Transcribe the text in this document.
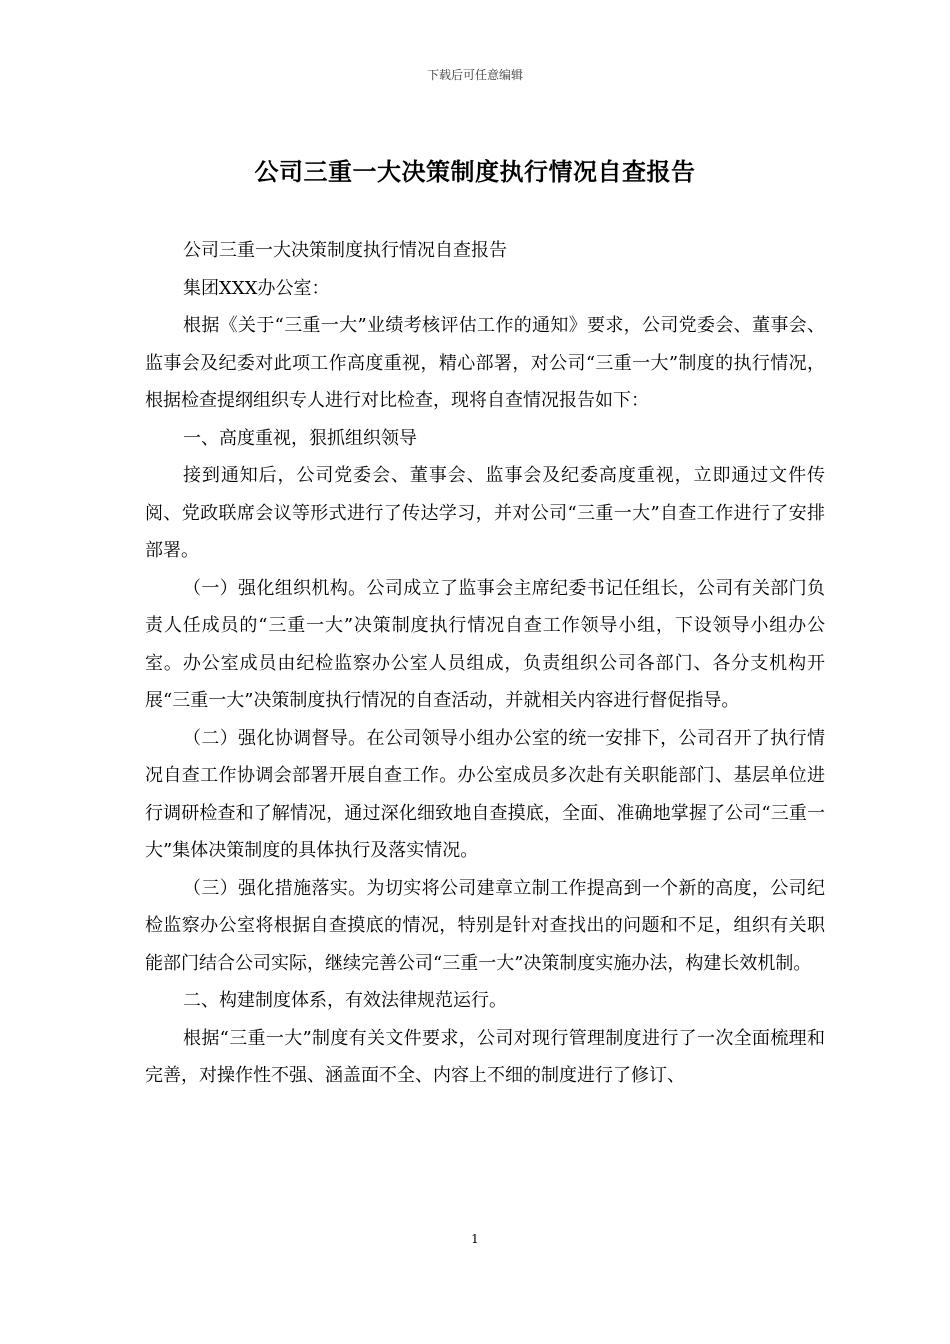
下载后可任意编辑
公司三重一大决策制度执行情况自查报告

公司三重一大决策制度执行情况自查报告

集团XXX办公室：

根据《关于“三重一大”业绩考核评估工作的通知》要求，公司党委会、董事会、监事会及纪委对此项工作高度重视，精心部署，对公司“三重一大”制度的执行情况，根据检查提纲组织专人进行对比检查，现将自查情况报告如下：

一、高度重视，狠抓组织领导

接到通知后，公司党委会、董事会、监事会及纪委高度重视，立即通过文件传阅、党政联席会议等形式进行了传达学习，并对公司“三重一大”自查工作进行了安排部署。

（一）强化组织机构。公司成立了监事会主席纪委书记任组长，公司有关部门负责人任成员的“三重一大”决策制度执行情况自查工作领导小组，下设领导小组办公室。办公室成员由纪检监察办公室人员组成，负责组织公司各部门、各分支机构开展“三重一大”决策制度执行情况的自查活动，并就相关内容进行督促指导。

（二）强化协调督导。在公司领导小组办公室的统一安排下，公司召开了执行情况自查工作协调会部署开展自查工作。办公室成员多次赴有关职能部门、基层单位进行调研检查和了解情况，通过深化细致地自查摸底，全面、准确地掌握了公司“三重一大”集体决策制度的具体执行及落实情况。

（三）强化措施落实。为切实将公司建章立制工作提高到一个新的高度，公司纪检监察办公室将根据自查摸底的情况，特别是针对查找出的问题和不足，组织有关职能部门结合公司实际，继续完善公司“三重一大”决策制度实施办法，构建长效机制。

二、构建制度体系，有效法律规范运行。

根据“三重一大”制度有关文件要求，公司对现行管理制度进行了一次全面梳理和完善，对操作性不强、涵盖面不全、内容上不细的制度进行了修订、

1
